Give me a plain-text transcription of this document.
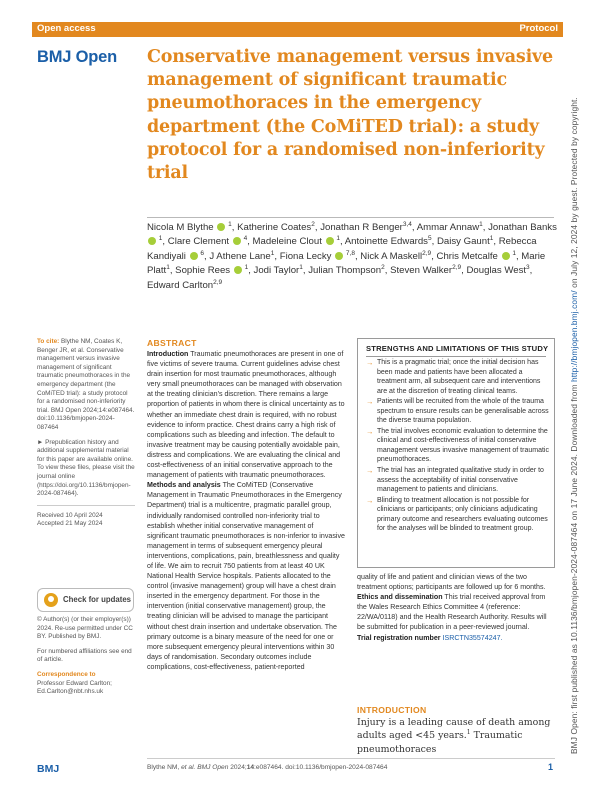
Open access	Protocol
BMJ Open Conservative management versus invasive management of significant traumatic pneumothoraces in the emergency department (the CoMiTED trial): a study protocol for a randomised non-inferiority trial
Nicola M Blythe  $^1$, Katherine Coates$^2$, Jonathan R Benger$^{3,4}$, Ammar Annaw$^1$, Jonathan Banks  $^1$, Clare Clement  $^4$, Madeleine Clout  $^1$, Antoinette Edwards$^5$, Daisy Gaunt$^1$, Rebecca Kandiyali  $^6$, J Athene Lane$^1$, Fiona Lecky  $^{7,8}$, Nick A Maskell$^{2,9}$, Chris Metcalfe  $^1$, Marie Platt$^1$, Sophie Rees  $^1$, Jodi Taylor$^1$, Julian Thompson$^2$, Steven Walker$^{2,9}$, Douglas West$^3$, Edward Carlton$^{2,9}$

To cite: Blythe NM, Coates K, Benger JR, et al. Conservative management versus invasive management of significant traumatic pneumothoraces in the emergency department (the CoMiTED trial): a study protocol for a randomised non-inferiority trial. BMJ Open 2024;14:e087464. doi:10.1136/bmjopen-2024-087464

► Prepublication history and additional supplemental material for this paper are available online. To view these files, please visit the journal online (https://doi.org/10.1136/bmjopen-2024-087464).

Received 10 April 2024
Accepted 21 May 2024

Check for updates

© Author(s) (or their employer(s)) 2024. Re-use permitted under CC BY. Published by BMJ.

For numbered affiliations see end of article.

Correspondence to
Professor Edward Carlton;
Ed.Carlton@nbt.nhs.uk

ABSTRACT

Introduction Traumatic pneumothoraces are present in one of five victims of severe trauma. Current guidelines advise chest drain insertion for most traumatic pneumothoraces, although very small pneumothoraces can be managed with observation at the treating clinician's discretion. There remains a large proportion of patients in whom there is clinical uncertainty as to whether an immediate chest drain is required, with no robust evidence to inform practice. Chest drains carry a high risk of complications such as bleeding and infection. The default to invasive treatment may be causing potentially avoidable pain, distress and complications. We are evaluating the clinical and cost-effectiveness of an initial conservative approach to the management of patients with traumatic pneumothoraces.

Methods and analysis The CoMiTED (Conservative Management in Traumatic Pneumothoraces in the Emergency Department) trial is a multicentre, pragmatic parallel group, individually randomised controlled non-inferiority trial to establish whether initial conservative management of significant traumatic pneumothoraces is non-inferior to invasive management in terms of subsequent emergency pleural interventions, complications, pain, breathlessness and quality of life. We aim to recruit 750 patients from at least 40 UK National Health Service hospitals. Patients allocated to the control (invasive management) group will have a chest drain inserted in the emergency department. For those in the intervention (initial conservative management) group, the treating clinician will be advised to manage the participant without chest drain insertion and undertake observation. The primary outcome is a binary measure of the need for one or more subsequent emergency pleural interventions within 30 days of randomisation. Secondary outcomes include complications, cost-effectiveness, patient-reported

STRENGTHS AND LIMITATIONS OF THIS STUDY
→ This is a pragmatic trial; once the initial decision has been made and patients have been allocated a treatment arm, all subsequent care and interventions are at the discretion of treating clinical teams.
→ Patients will be recruited from the whole of the trauma spectrum to ensure results can be generalisable across the diverse trauma population.
→ The trial involves economic evaluation to determine the clinical and cost-effectiveness of initial conservative management versus invasive management of traumatic pneumothoraces.
→ The trial has an integrated qualitative study in order to assess the acceptability of initial conservative management to patients and clinicians.
→ Blinding to treatment allocation is not possible for clinicians or participants; only clinicians adjudicating primary outcome and researchers evaluating outcomes for the analyses will be blinded to treatment group.

quality of life and patient and clinician views of the two treatment options; participants are followed up for 6 months.

Ethics and dissemination This trial received approval from the Wales Research Ethics Committee 4 (reference: 22/WA/0118) and the Health Research Authority. Results will be submitted for publication in a peer-reviewed journal.

Trial registration number ISRCTN35574247.

INTRODUCTION
Injury is a leading cause of death among adults aged <45 years.$^1$ Traumatic pneumothoraces	BMJ Open: first published as 10.1136/bmjopen-2024-087464 on 17 June 2024. Downloaded from http://bmjopen.bmj.com/ on July 12, 2024 by guest. Protected by copyright.
BMJ	Blythe NM, et al. BMJ Open 2024;14:e087464. doi:10.1136/bmjopen-2024-087464	1
